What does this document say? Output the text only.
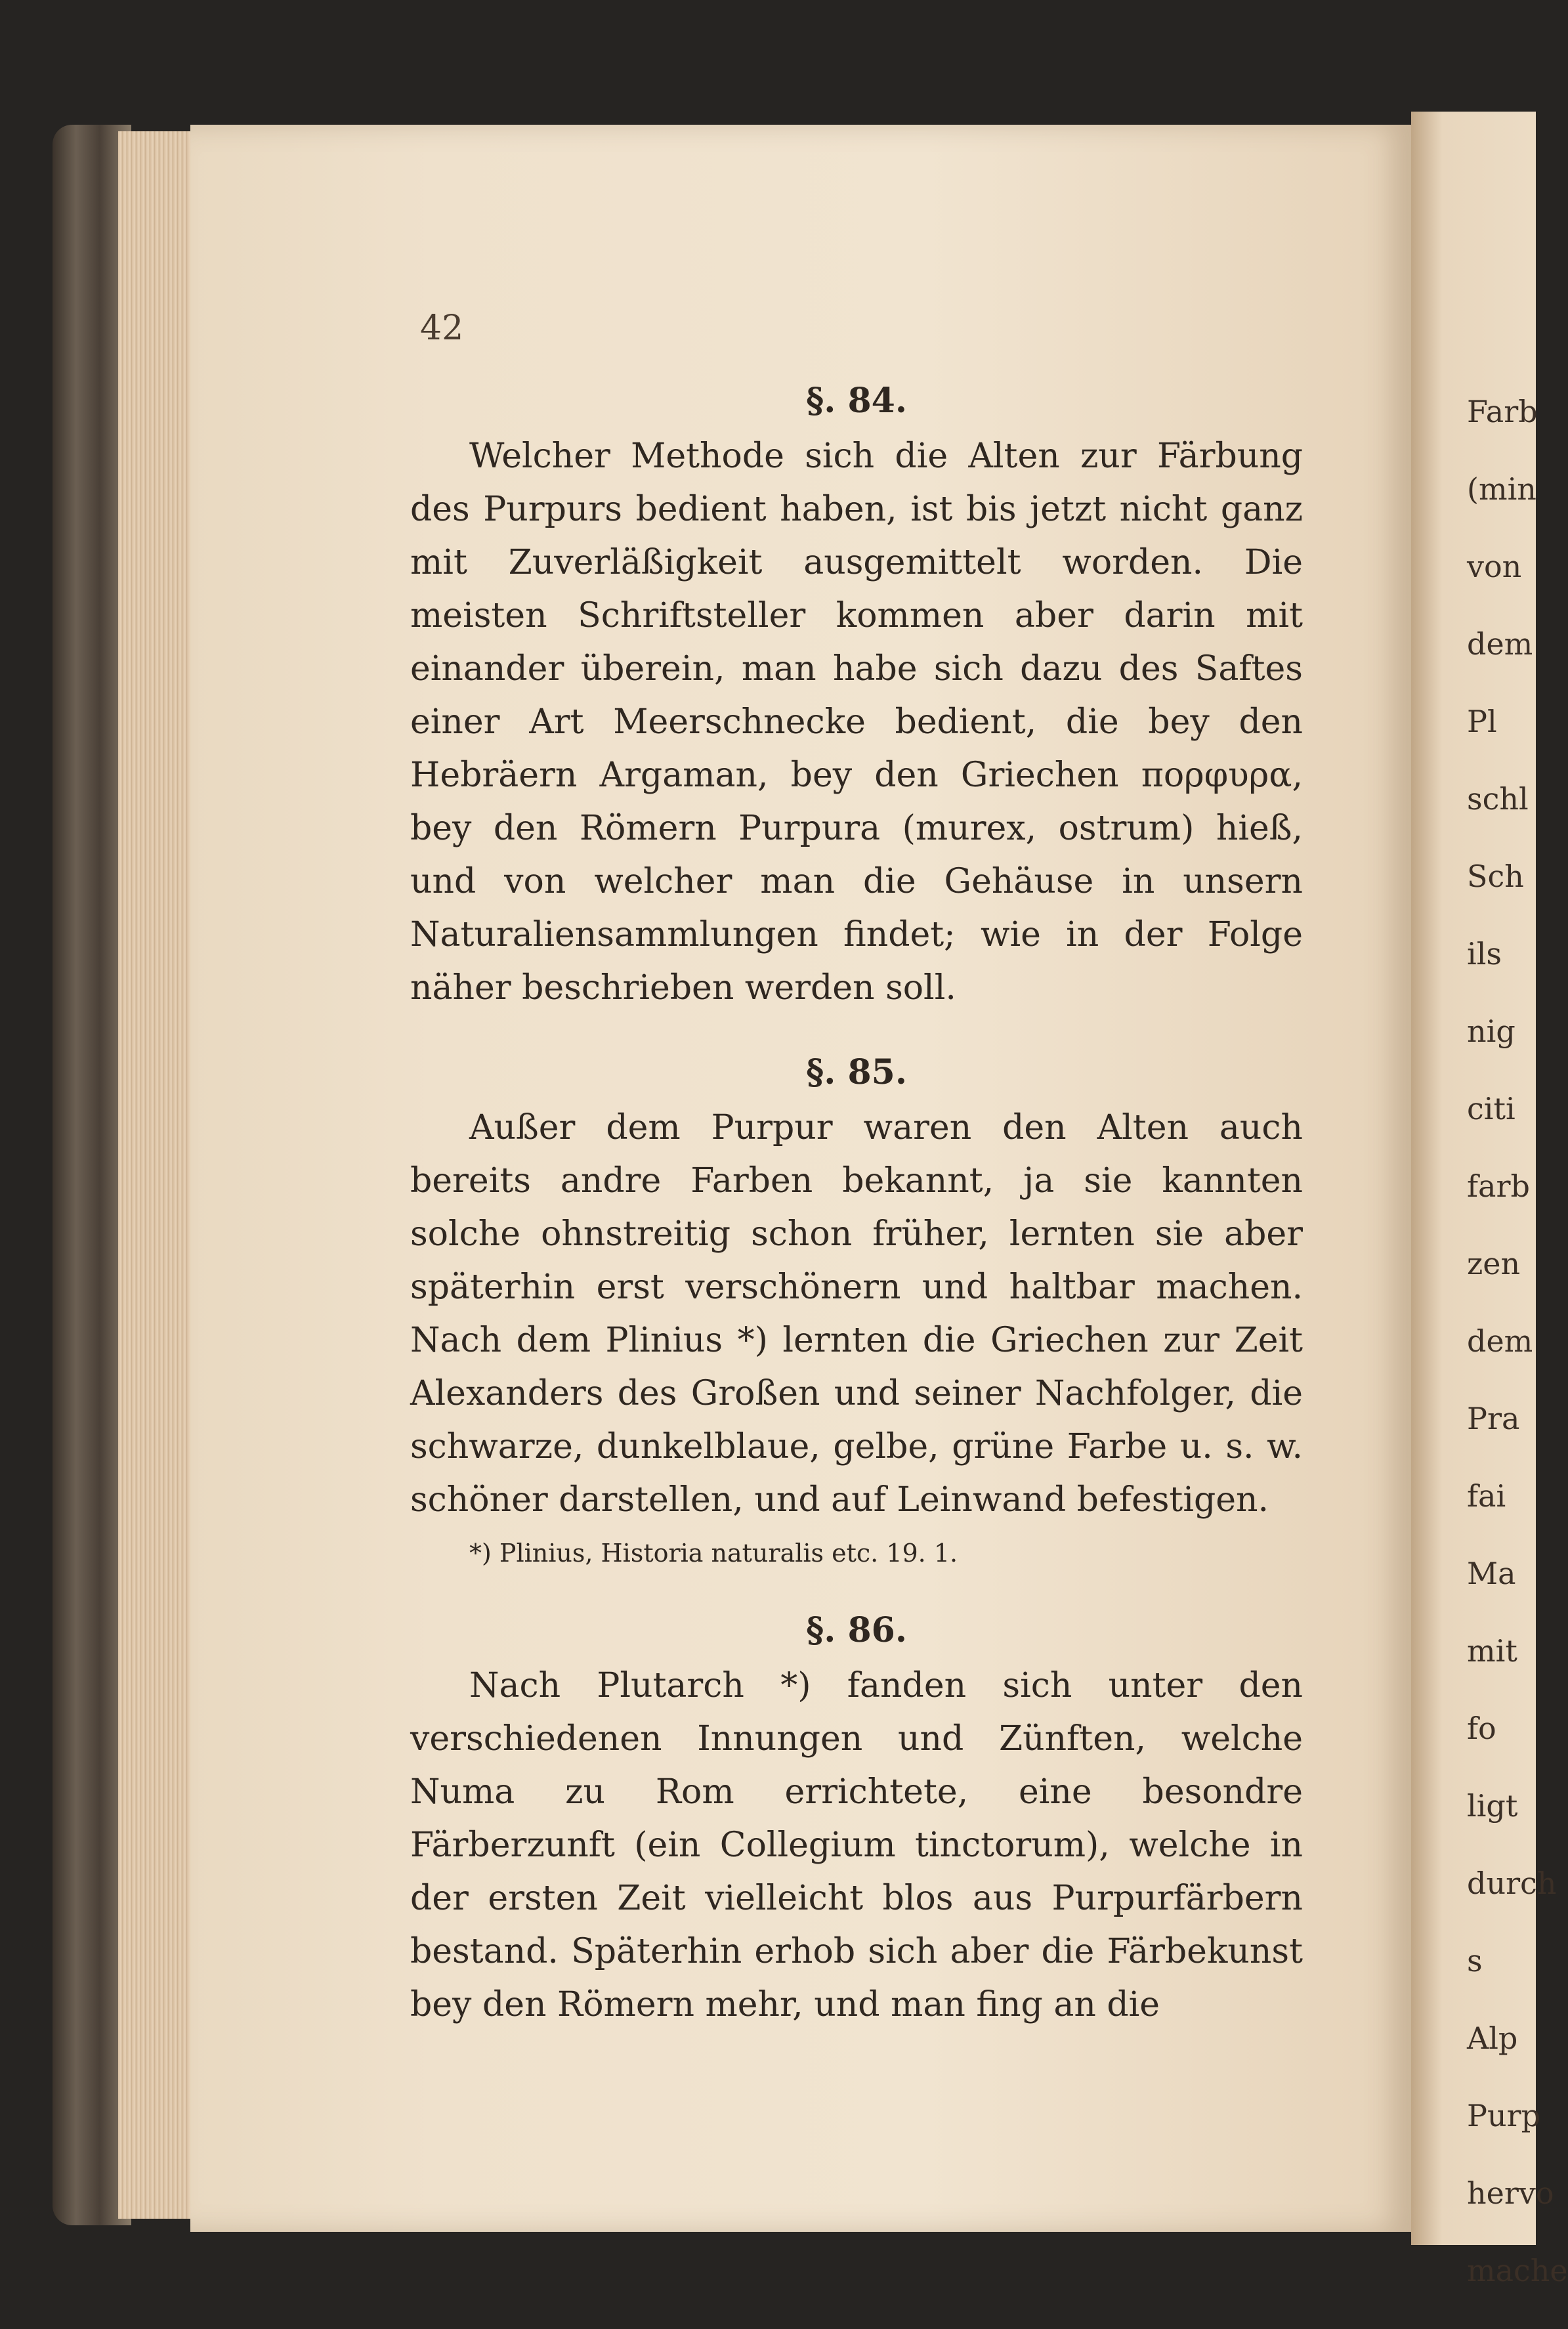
Farb
(min
von
dem
Pl
schl
Sch
ils
nig
citi
farb
zen
dem
Pra
fai
Ma
mit
fo
ligt
durch
s
Alp
Purp
hervo
mache
42
§. 84.

Welcher Methode sich die Alten zur Färbung des Purpurs bedient haben, ist bis jetzt nicht ganz mit Zuverläßigkeit ausgemittelt worden. Die meisten Schriftsteller kommen aber darin mit einander überein, man habe sich dazu des Saftes einer Art Meerschnecke bedient, die bey den Hebräern Argaman, bey den Griechen πορφυρα, bey den Römern Purpura (murex, ostrum) hieß, und von welcher man die Gehäuse in unsern Naturaliensammlungen findet; wie in der Folge näher beschrieben werden soll.

§. 85.

Außer dem Purpur waren den Alten auch bereits andre Farben bekannt, ja sie kannten solche ohnstreitig schon früher, lernten sie aber späterhin erst verschönern und haltbar machen. Nach dem Plinius *) lernten die Griechen zur Zeit Alexanders des Großen und seiner Nachfolger, die schwarze, dunkelblaue, gelbe, grüne Farbe u. s. w. schöner darstellen, und auf Leinwand befestigen.

*) Plinius, Historia naturalis etc. 19. 1.

§. 86.

Nach Plutarch *) fanden sich unter den verschiedenen Innungen und Zünften, welche Numa zu Rom errichtete, eine besondre Färberzunft (ein Collegium tinctorum), welche in der ersten Zeit vielleicht blos aus Purpurfärbern bestand. Späterhin erhob sich aber die Färbekunst bey den Römern mehr, und man fing an die
